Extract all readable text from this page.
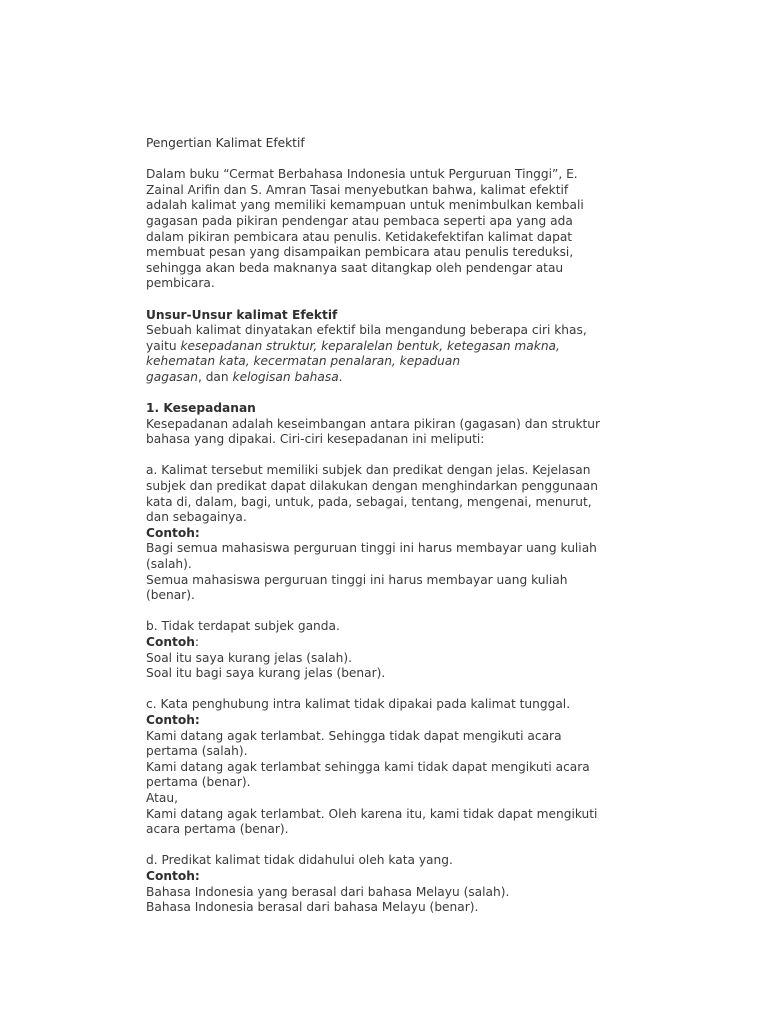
Pengertian Kalimat Efektif

Dalam buku “Cermat Berbahasa Indonesia untuk Perguruan Tinggi”, E.

Zainal Arifin dan S. Amran Tasai menyebutkan bahwa, kalimat efektif

adalah kalimat yang memiliki kemampuan untuk menimbulkan kembali

gagasan pada pikiran pendengar atau pembaca seperti apa yang ada

dalam pikiran pembicara atau penulis. Ketidakefektifan kalimat dapat

membuat pesan yang disampaikan pembicara atau penulis tereduksi,

sehingga akan beda maknanya saat ditangkap oleh pendengar atau

pembicara.

Unsur-Unsur kalimat Efektif

Sebuah kalimat dinyatakan efektif bila mengandung beberapa ciri khas,

yaitu kesepadanan struktur, keparalelan bentuk, ketegasan makna,

kehematan kata, kecermatan penalaran, kepaduan

gagasan, dan kelogisan bahasa.

1. Kesepadanan

Kesepadanan adalah keseimbangan antara pikiran (gagasan) dan struktur

bahasa yang dipakai. Ciri-ciri kesepadanan ini meliputi:

a. Kalimat tersebut memiliki subjek dan predikat dengan jelas. Kejelasan

subjek dan predikat dapat dilakukan dengan menghindarkan penggunaan

kata di, dalam, bagi, untuk, pada, sebagai, tentang, mengenai, menurut,

dan sebagainya.

Contoh:

Bagi semua mahasiswa perguruan tinggi ini harus membayar uang kuliah

(salah).

Semua mahasiswa perguruan tinggi ini harus membayar uang kuliah

(benar).

b. Tidak terdapat subjek ganda.

Contoh:

Soal itu saya kurang jelas (salah).

Soal itu bagi saya kurang jelas (benar).

c. Kata penghubung intra kalimat tidak dipakai pada kalimat tunggal.

Contoh:

Kami datang agak terlambat. Sehingga tidak dapat mengikuti acara

pertama (salah).

Kami datang agak terlambat sehingga kami tidak dapat mengikuti acara

pertama (benar).

Atau,

Kami datang agak terlambat. Oleh karena itu, kami tidak dapat mengikuti

acara pertama (benar).

d. Predikat kalimat tidak didahului oleh kata yang.

Contoh:

Bahasa Indonesia yang berasal dari bahasa Melayu (salah).

Bahasa Indonesia berasal dari bahasa Melayu (benar).
